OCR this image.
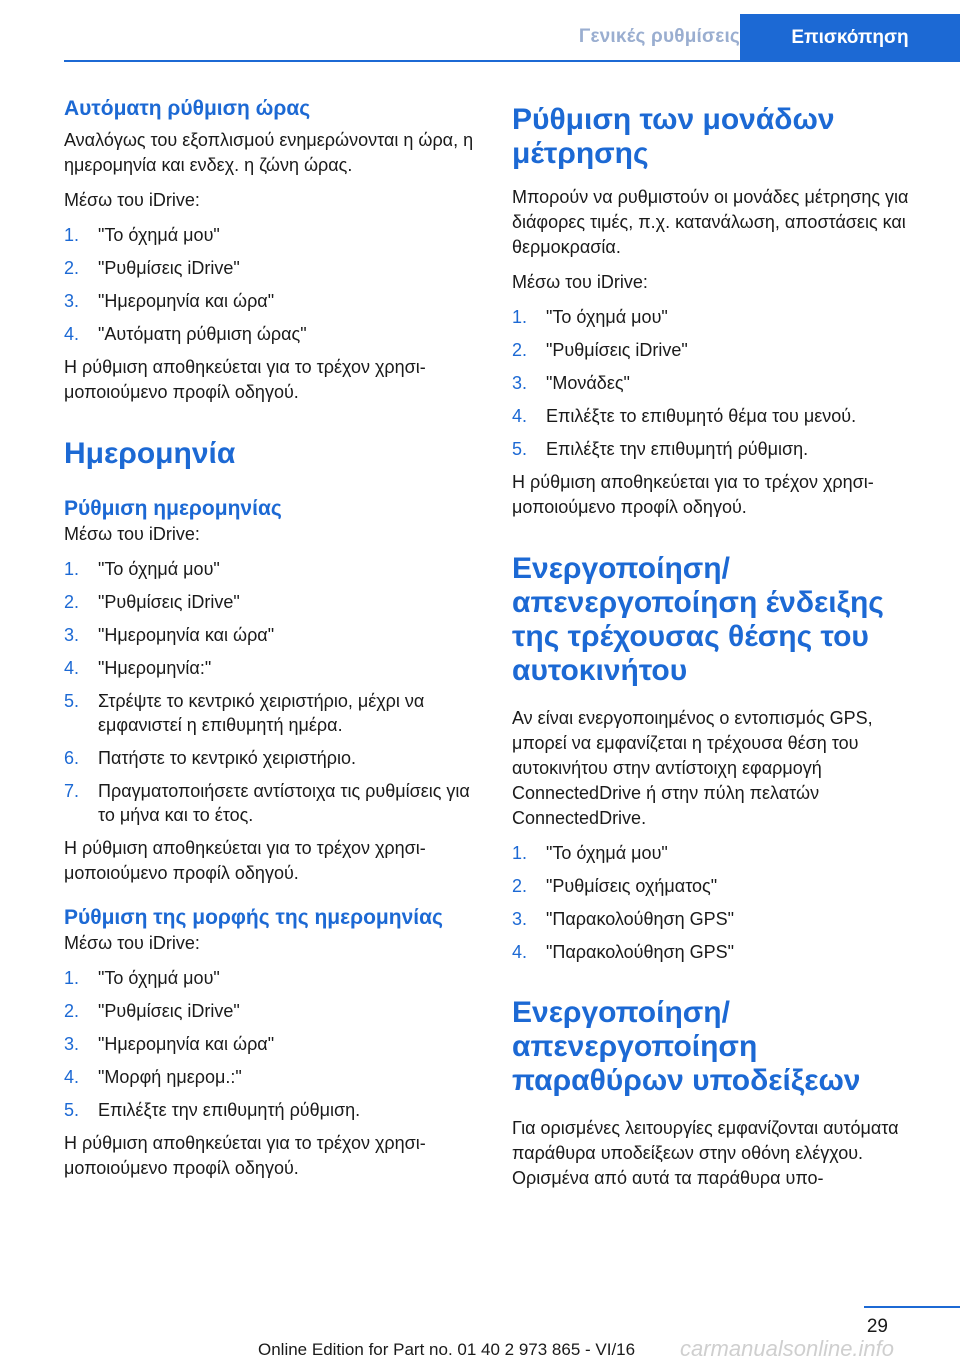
Γενικές ρυθμίσεις	Επισκόπηση
Αυτόματη ρύθμιση ώρας
Αναλόγως του εξοπλισμού ενημερώνονται η ώρα, η ημερομηνία και ενδεχ. η ζώνη ώρας.
Μέσω του iDrive:
1. "Το όχημά μου"
2. "Ρυθμίσεις iDrive"
3. "Ημερομηνία και ώρα"
4. "Αυτόματη ρύθμιση ώρας"
Η ρύθμιση αποθηκεύεται για το τρέχον χρησιμοποιούμενο προφίλ οδηγού.
Ημερομηνία
Ρύθμιση ημερομηνίας
Μέσω του iDrive:
1. "Το όχημά μου"
2. "Ρυθμίσεις iDrive"
3. "Ημερομηνία και ώρα"
4. "Ημερομηνία:"
5. Στρέψτε το κεντρικό χειριστήριο, μέχρι να εμφανιστεί η επιθυμητή ημέρα.
6. Πατήστε το κεντρικό χειριστήριο.
7. Πραγματοποιήσετε αντίστοιχα τις ρυθμίσεις για το μήνα και το έτος.
Η ρύθμιση αποθηκεύεται για το τρέχον χρησιμοποιούμενο προφίλ οδηγού.
Ρύθμιση της μορφής της ημερομηνίας
Μέσω του iDrive:
1. "Το όχημά μου"
2. "Ρυθμίσεις iDrive"
3. "Ημερομηνία και ώρα"
4. "Μορφή ημερομ.:"
5. Επιλέξτε την επιθυμητή ρύθμιση.
Η ρύθμιση αποθηκεύεται για το τρέχον χρησιμοποιούμενο προφίλ οδηγού.
Ρύθμιση των μονάδων μέτρησης
Μπορούν να ρυθμιστούν οι μονάδες μέτρησης για διάφορες τιμές, π.χ. κατανάλωση, αποστάσεις και θερμοκρασία.
Μέσω του iDrive:
1. "Το όχημά μου"
2. "Ρυθμίσεις iDrive"
3. "Μονάδες"
4. Επιλέξτε το επιθυμητό θέμα του μενού.
5. Επιλέξτε την επιθυμητή ρύθμιση.
Η ρύθμιση αποθηκεύεται για το τρέχον χρησιμοποιούμενο προφίλ οδηγού.
Ενεργοποίηση/ απενεργοποίηση ένδειξης της τρέχουσας θέσης του αυτοκινήτου
Αν είναι ενεργοποιημένος ο εντοπισμός GPS, μπορεί να εμφανίζεται η τρέχουσα θέση του αυτοκινήτου στην αντίστοιχη εφαρμογή ConnectedDrive ή στην πύλη πελατών ConnectedDrive.
1. "Το όχημά μου"
2. "Ρυθμίσεις οχήματος"
3. "Παρακολούθηση GPS"
4. "Παρακολούθηση GPS"
Ενεργοποίηση/ απενεργοποίηση παραθύρων υποδείξεων
Για ορισμένες λειτουργίες εμφανίζονται αυτόματα παράθυρα υποδείξεων στην οθόνη ελέγχου. Ορισμένα από αυτά τα παράθυρα υπο-
29
Online Edition for Part no. 01 40 2 973 865 - VI/16	carmanualsonline.info
